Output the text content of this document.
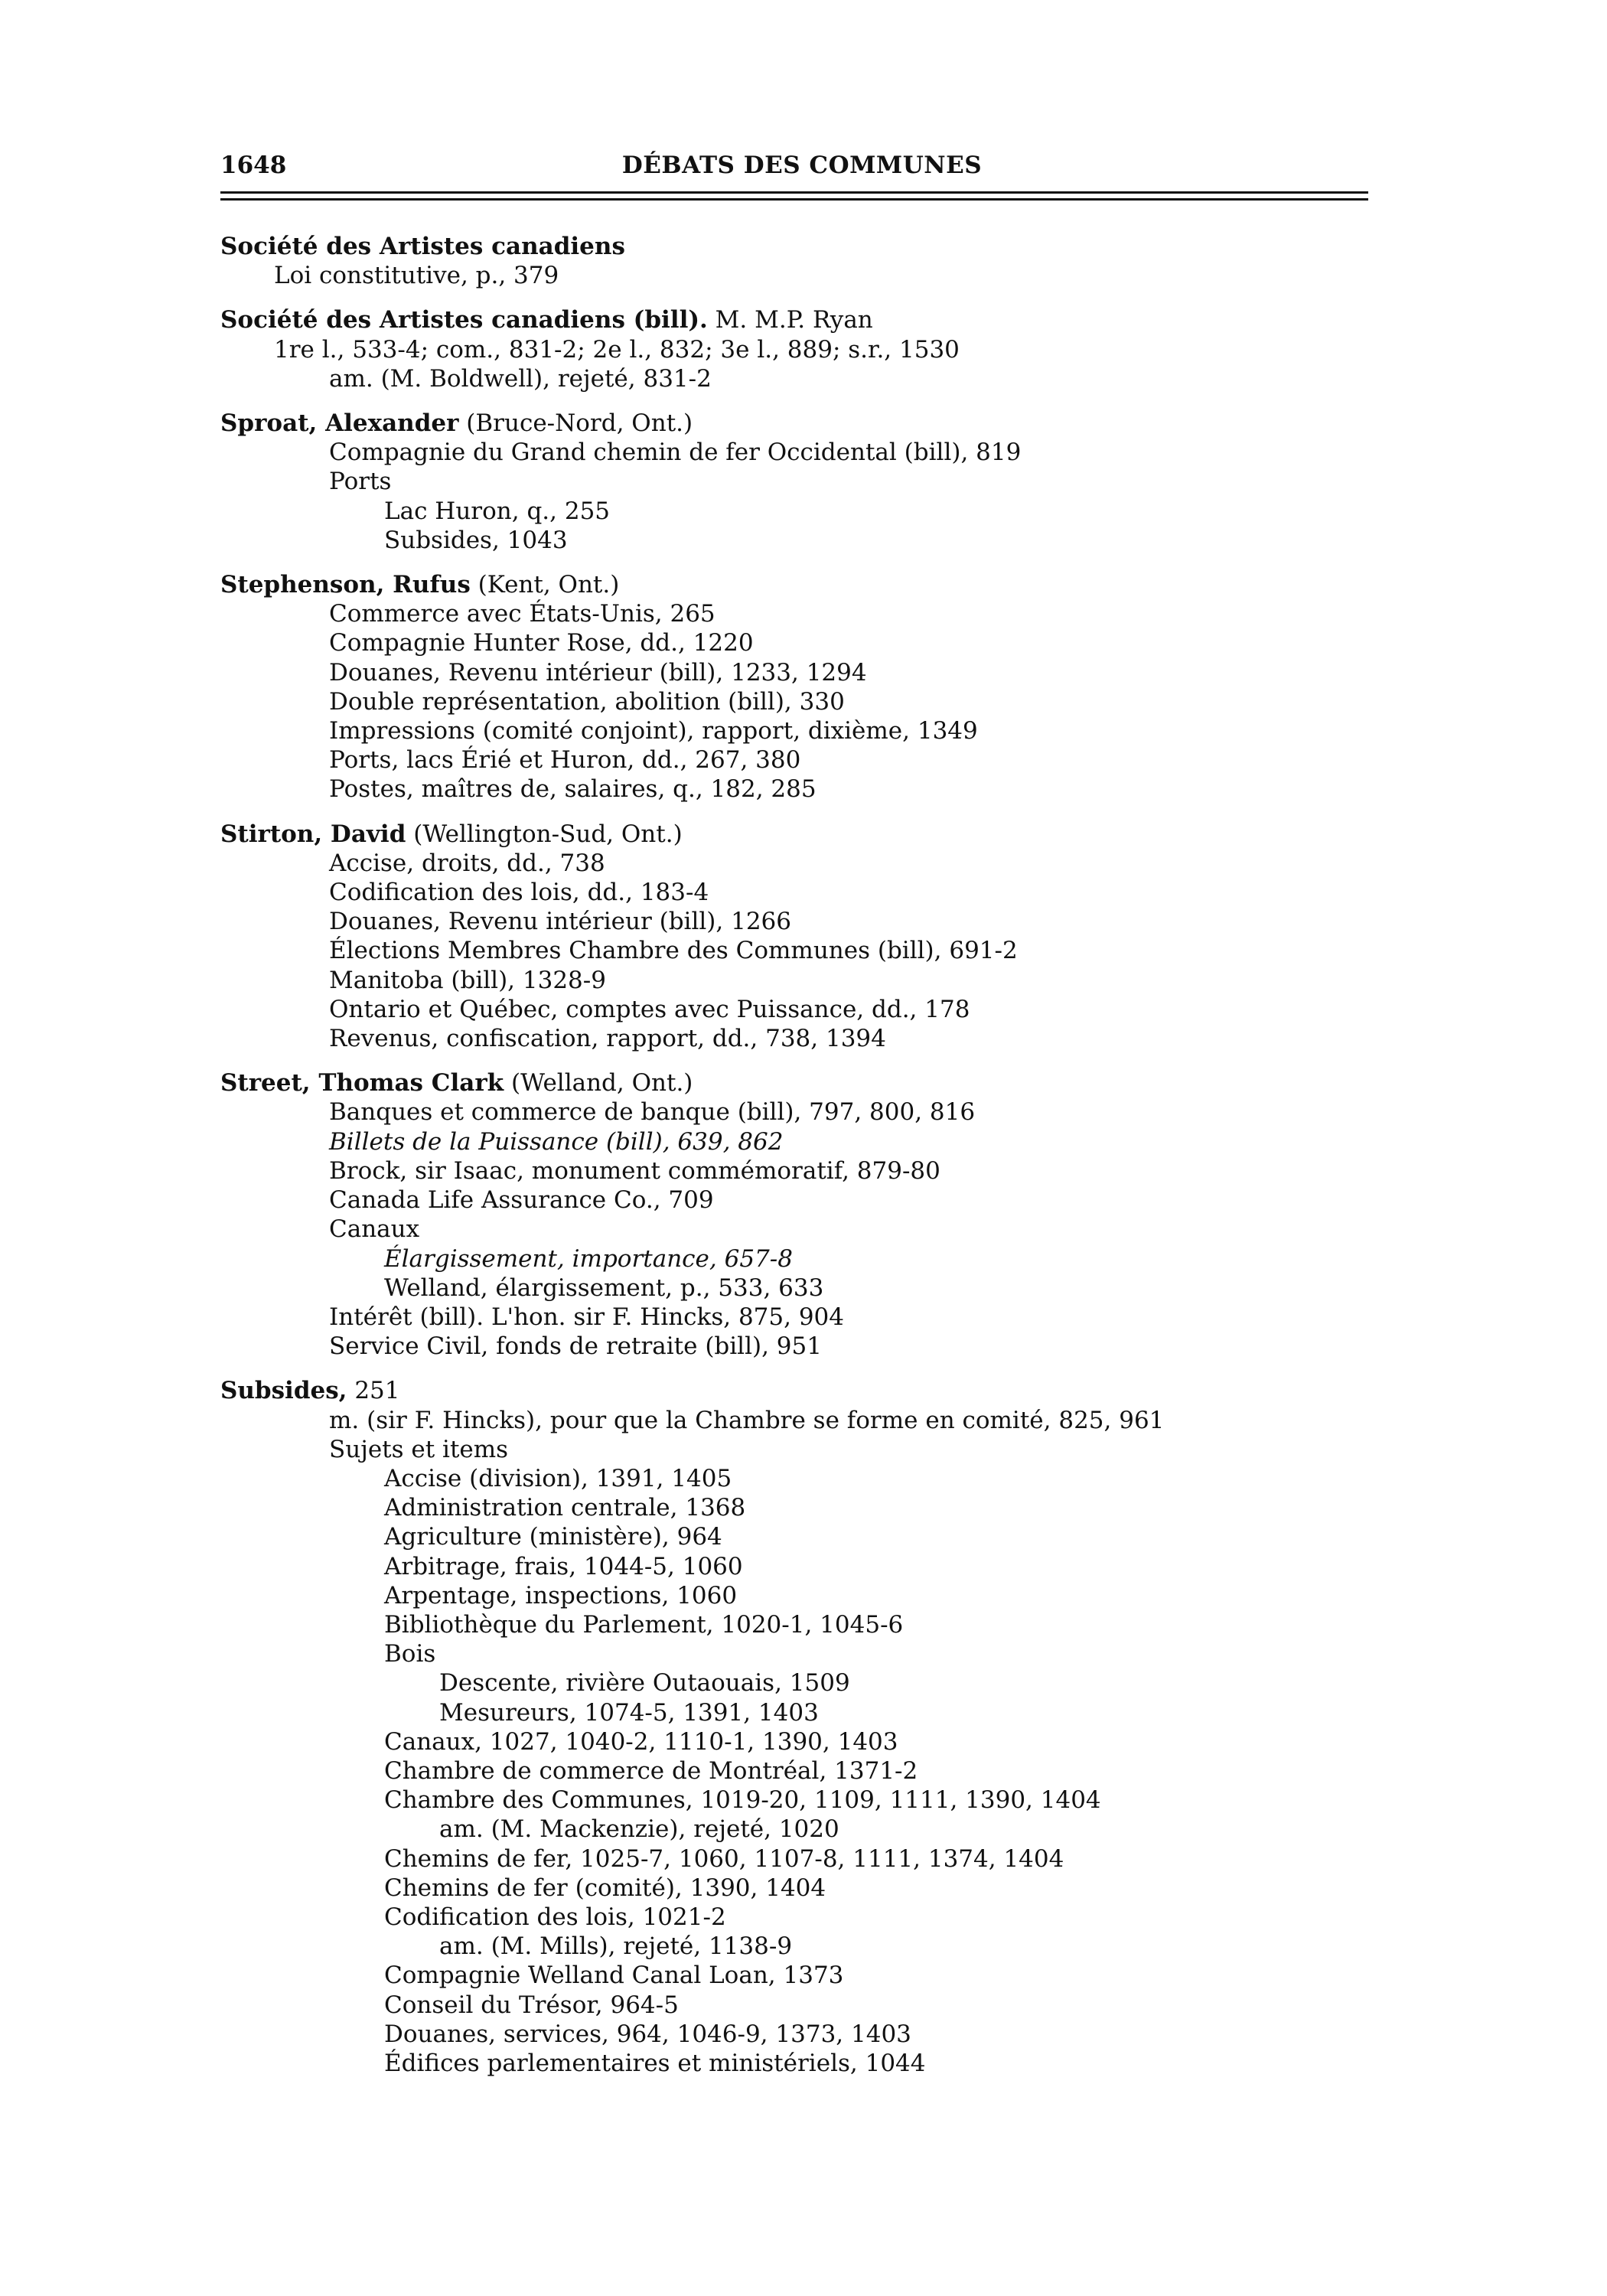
1648	DÉBATS DES COMMUNES
Société des Artistes canadiens
Loi constitutive, p., 379
Société des Artistes canadiens (bill). M. M.P. Ryan
1re l., 533-4; com., 831-2; 2e l., 832; 3e l., 889; s.r., 1530
am. (M. Boldwell), rejeté, 831-2
Sproat, Alexander (Bruce-Nord, Ont.)
Compagnie du Grand chemin de fer Occidental (bill), 819
Ports
Lac Huron, q., 255
Subsides, 1043
Stephenson, Rufus (Kent, Ont.)
Commerce avec États-Unis, 265
Compagnie Hunter Rose, dd., 1220
Douanes, Revenu intérieur (bill), 1233, 1294
Double représentation, abolition (bill), 330
Impressions (comité conjoint), rapport, dixième, 1349
Ports, lacs Érié et Huron, dd., 267, 380
Postes, maîtres de, salaires, q., 182, 285
Stirton, David (Wellington-Sud, Ont.)
Accise, droits, dd., 738
Codification des lois, dd., 183-4
Douanes, Revenu intérieur (bill), 1266
Élections Membres Chambre des Communes (bill), 691-2
Manitoba (bill), 1328-9
Ontario et Québec, comptes avec Puissance, dd., 178
Revenus, confiscation, rapport, dd., 738, 1394
Street, Thomas Clark (Welland, Ont.)
Banques et commerce de banque (bill), 797, 800, 816
Billets de la Puissance (bill), 639, 862
Brock, sir Isaac, monument commémoratif, 879-80
Canada Life Assurance Co., 709
Canaux
Élargissement, importance, 657-8
Welland, élargissement, p., 533, 633
Intérêt (bill). L'hon. sir F. Hincks, 875, 904
Service Civil, fonds de retraite (bill), 951
Subsides, 251
m. (sir F. Hincks), pour que la Chambre se forme en comité, 825, 961
Sujets et items
Accise (division), 1391, 1405
Administration centrale, 1368
Agriculture (ministère), 964
Arbitrage, frais, 1044-5, 1060
Arpentage, inspections, 1060
Bibliothèque du Parlement, 1020-1, 1045-6
Bois
Descente, rivière Outaouais, 1509
Mesureurs, 1074-5, 1391, 1403
Canaux, 1027, 1040-2, 1110-1, 1390, 1403
Chambre de commerce de Montréal, 1371-2
Chambre des Communes, 1019-20, 1109, 1111, 1390, 1404
am. (M. Mackenzie), rejeté, 1020
Chemins de fer, 1025-7, 1060, 1107-8, 1111, 1374, 1404
Chemins de fer (comité), 1390, 1404
Codification des lois, 1021-2
am. (M. Mills), rejeté, 1138-9
Compagnie Welland Canal Loan, 1373
Conseil du Trésor, 964-5
Douanes, services, 964, 1046-9, 1373, 1403
Édifices parlementaires et ministériels, 1044
